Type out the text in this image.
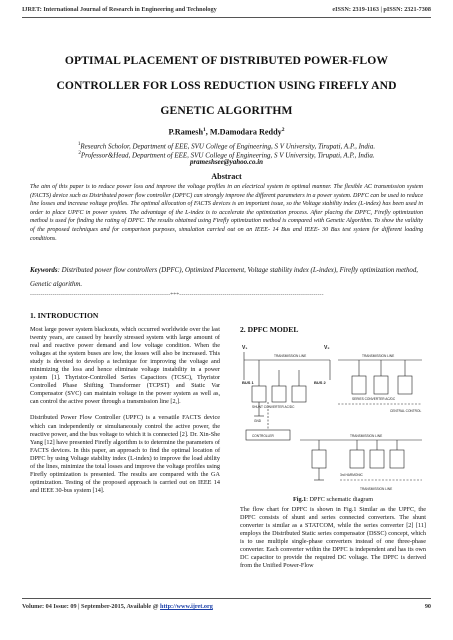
IJRET: International Journal of Research in Engineering and Technology	eISSN: 2319-1163 | pISSN: 2321-7308
OPTIMAL PLACEMENT OF DISTRIBUTED POWER-FLOW
CONTROLLER FOR LOSS REDUCTION USING FIREFLY AND
GENETIC ALGORITHM
P.Ramesh$^1$, M.Damodara Reddy$^2$
$^1$Research Scholor, Department of EEE, SVU College of Engineering, S V University, Tirupati, A.P., India.
$^2$Professor&Head, Department of EEE, SVU College of Engineering, S V University, Tirupati, A.P., India.
prameshsee@yahoo.co.in
Abstract
The aim of this paper is to reduce power loss and improve the voltage profiles in an electrical system in optimal manner. The flexible AC transmission system (FACTS) device such as Distributed power flow controller (DPFC) can strongly improve the different parameters in a power system. DPFC can be used to reduce line losses and increase voltage profiles. The optimal allocation of FACTS devices is an important issue, so the Voltage stability index (L-index) has been used in order to place UPFC in power system. The advantage of the L-index is to accelerate the optimization process. After placing the DPFC, Firefly optimization method is used for finding the rating of DPFC. The results obtained using Firefly optimization method is compared with Genetic Algorithm. To show the validity of the proposed techniques and for comparison purposes, simulation carried out on an IEEE- 14 Bus and IEEE- 30 Bus test system for different loading conditions.
Keywords: Distributed power flow controllers (DPFC), Optimized Placement, Voltage stability index (L-index), Firefly optimization method, Genetic algorithm.
--------------------------------------------------------------------***----------------------------------------------------------------------
1. INTRODUCTION

Most large power system blackouts, which occurred worldwide over the last twenty years, are caused by heavily stressed system with large amount of real and reactive power demand and low voltage condition. When the voltages at the system buses are low, the losses will also be increased. This study is devoted to develop a technique for improving the voltage and minimizing the loss and hence eliminate voltage instability in a power system [1]. Thyristor-Controlled Series Capacitors (TCSC), Thyristor Controlled Phase Shifting Transformer (TCPST) and Static Var Compensator (SVC) can maintain voltage in the power system as well as, can control the active power through a transmission line [2,].

Distributed Power Flow Controller (UPFC) is a versatile FACTS device which can independently or simultaneously control the active power, the reactive power, and the bus voltage to which it is connected [2]. Dr. Xin-She Yang [12] have presented Firefly algorithm is to determine the parameters of FACTS devices. In this paper, an approach to find the optimal location of DPFC by using Voltage stability index (L-index) to improve the load ability of the lines, minimize the total losses and improve the voltage profiles using Firefly optimization is presented. The results are compared with the GA optimization. Testing of the proposed approach is carried out on IEEE 14 and IEEE 30-bus system [14].

2. DPFC MODEL
V₁	V₂
BUS 1	BUS 2
TRANSMISSION LINE	TRANSMISSION LINE
TRANSMISSION LINE
SHUNT CONVERTER AC/DC
SERIES CONVERTER AC/DC
CONTROLLER
CENTRAL CONTROL
GND
3rd HARMONIC
TRANSMISSION LINE
Fig.1: DPFC schematic diagram

The flow chart for DPFC is shown in Fig.1 Similar as the UPFC, the DPFC consists of shunt and series connected converters. The shunt converter is similar as a STATCOM, while the series converter [2] [11] employs the Distributed Static series compensator (DSSC) concept, which is to use multiple single-phase converters instead of one three-phase converter. Each converter within the DPFC is independent and has its own DC capacitor to provide the required DC voltage. The DPFC is derived from the Unified Power-Flow

Volume: 04 Issue: 09 | September-2015, Available @ http://www.ijret.org	90
